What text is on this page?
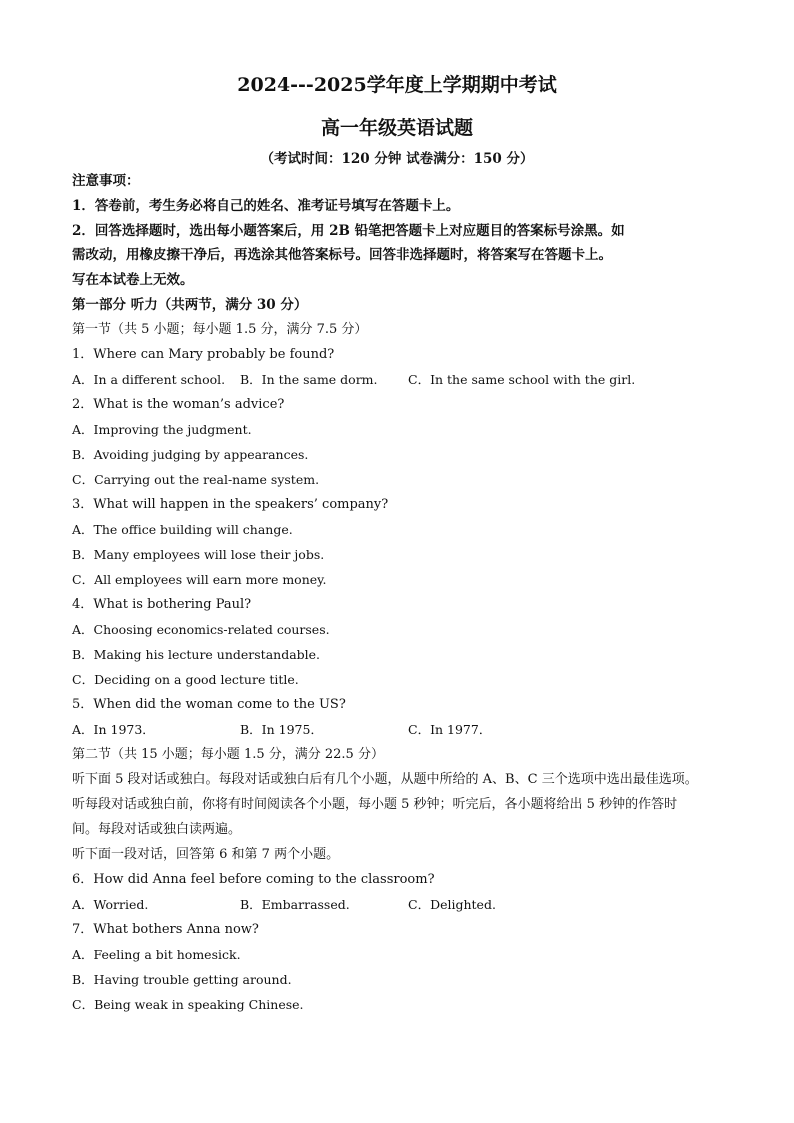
2024---2025学年度上学期期中考试
高一年级英语试题
（考试时间：120 分钟 试卷满分：150 分）
注意事项：
1．答卷前，考生务必将自己的姓名、准考证号填写在答题卡上。
2．回答选择题时，选出每小题答案后，用 2B 铅笔把答题卡上对应题目的答案标号涂黑。如
需改动，用橡皮擦干净后，再选涂其他答案标号。回答非选择题时，将答案写在答题卡上。
写在本试卷上无效。
第一部分 听力（共两节，满分 30 分）
第一节（共 5 小题；每小题 1.5 分，满分 7.5 分）
1．Where can Mary probably be found?
A．In a different school. B．In the same dorm. C．In the same school with the girl.
2．What is the woman’s advice?
A．Improving the judgment.
B．Avoiding judging by appearances.
C．Carrying out the real-name system.
3．What will happen in the speakers’ company?
A．The office building will change.
B．Many employees will lose their jobs.
C．All employees will earn more money.
4．What is bothering Paul?
A．Choosing economics-related courses.
B．Making his lecture understandable.
C．Deciding on a good lecture title.
5．When did the woman come to the US?
A．In 1973．	B．In 1975．	C．In 1977．
第二节（共 15 小题；每小题 1.5 分，满分 22.5 分）
听下面 5 段对话或独白。每段对话或独白后有几个小题，从题中所给的 A、B、C 三个选项中选出最佳选项。
听每段对话或独白前，你将有时间阅读各个小题，每小题 5 秒钟；听完后，各小题将给出 5 秒钟的作答时
间。每段对话或独白读两遍。
听下面一段对话，回答第 6 和第 7 两个小题。
6．How did Anna feel before coming to the classroom?
A．Worried.	B．Embarrassed.	C．Delighted.
7．What bothers Anna now?
A．Feeling a bit homesick.
B．Having trouble getting around.
C．Being weak in speaking Chinese.
